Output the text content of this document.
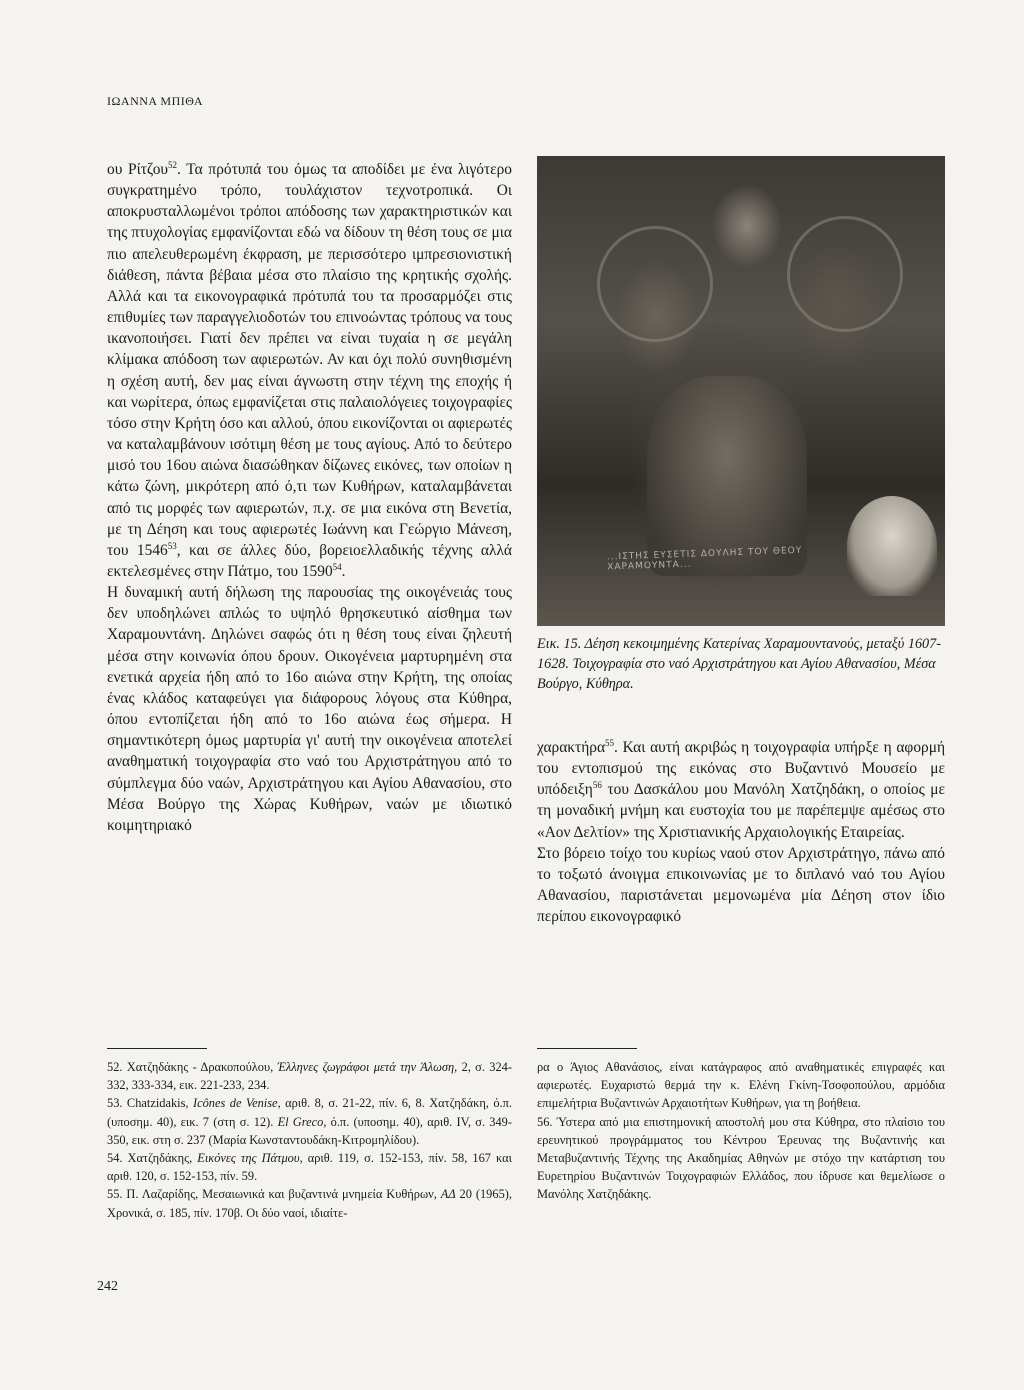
ΙΩΑΝΝΑ ΜΠΙΘΑ

ου Ρίτζου$^{52}$. Τα πρότυπά του όμως τα αποδίδει με ένα λιγότερο συγκρατημένο τρόπο, τουλάχιστον τεχνοτροπικά. Οι αποκρυσταλλωμένοι τρόποι απόδοσης των χαρακτηριστικών και της πτυχολογίας εμφανίζονται εδώ να δίδουν τη θέση τους σε μια πιο απελευθερωμένη έκφραση, με περισσότερο ιμπρεσιονιστική διάθεση, πάντα βέβαια μέσα στο πλαίσιο της κρητικής σχολής. Αλλά και τα εικονογραφικά πρότυπά του τα προσαρμόζει στις επιθυμίες των παραγγελιοδοτών του επινοώντας τρόπους να τους ικανοποιήσει. Γιατί δεν πρέπει να είναι τυχαία η σε μεγάλη κλίμακα απόδοση των αφιερωτών. Αν και όχι πολύ συνηθισμένη η σχέση αυτή, δεν μας είναι άγνωστη στην τέχνη της εποχής ή και νωρίτερα, όπως εμφανίζεται στις παλαιολόγειες τοιχογραφίες τόσο στην Κρήτη όσο και αλλού, όπου εικονίζονται οι αφιερωτές να καταλαμβάνουν ισότιμη θέση με τους αγίους. Από το δεύτερο μισό του 16ου αιώνα διασώθηκαν δίζωνες εικόνες, των οποίων η κάτω ζώνη, μικρότερη από ό,τι των Κυθήρων, καταλαμβάνεται από τις μορφές των αφιερωτών, π.χ. σε μια εικόνα στη Βενετία, με τη Δέηση και τους αφιερωτές Ιωάννη και Γεώργιο Μάνεση, του 1546$^{53}$, και σε άλλες δύο, βορειοελλαδικής τέχνης αλλά εκτελεσμένες στην Πάτμο, του 1590$^{54}$.

Η δυναμική αυτή δήλωση της παρουσίας της οικογένειάς τους δεν υποδηλώνει απλώς το υψηλό θρησκευτικό αίσθημα των Χαραμουντάνη. Δηλώνει σαφώς ότι η θέση τους είναι ζηλευτή μέσα στην κοινωνία όπου δρουν. Οικογένεια μαρτυρημένη στα ενετικά αρχεία ήδη από το 16ο αιώνα στην Κρήτη, της οποίας ένας κλάδος καταφεύγει για διάφορους λόγους στα Κύθηρα, όπου εντοπίζεται ήδη από το 16ο αιώνα έως σήμερα. Η σημαντικότερη όμως μαρτυρία γι' αυτή την οικογένεια αποτελεί αναθηματική τοιχογραφία στο ναό του Αρχιστράτηγου από το σύμπλεγμα δύο ναών, Αρχιστράτηγου και Αγίου Αθανασίου, στο Μέσα Βούργο της Χώρας Κυθήρων, ναών με ιδιωτικό κοιμητηριακό

...ΙΣΤΗΣ ΕΥΣΕΤΙΣ ΔΟΥΛΗΣ ΤΟΥ ΘΕΟΥ ΧΑΡΑΜΟΥΝΤΑ...
Εικ. 15. Δέηση κεκοιμημένης Κατερίνας Χαραμουντανούς, μεταξύ 1607-1628. Τοιχογραφία στο ναό Αρχιστράτηγου και Αγίου Αθανασίου, Μέσα Βούργο, Κύθηρα.

χαρακτήρα$^{55}$. Και αυτή ακριβώς η τοιχογραφία υπήρξε η αφορμή του εντοπισμού της εικόνας στο Βυζαντινό Μουσείο με υπόδειξη$^{56}$ του Δασκάλου μου Μανόλη Χατζηδάκη, ο οποίος με τη μοναδική μνήμη και ευστοχία του με παρέπεμψε αμέσως στο «Αον Δελτίον» της Χριστιανικής Αρχαιολογικής Εταιρείας.

Στο βόρειο τοίχο του κυρίως ναού στον Αρχιστράτηγο, πάνω από το τοξωτό άνοιγμα επικοινωνίας με το διπλανό ναό του Αγίου Αθανασίου, παριστάνεται μεμονωμένα μία Δέηση στον ίδιο περίπου εικονογραφικό

52. Χατζηδάκης - Δρακοπούλου, Έλληνες ζωγράφοι μετά την Άλωση, 2, σ. 324-332, 333-334, εικ. 221-233, 234.

53. Chatzidakis, Icônes de Venise, αριθ. 8, σ. 21-22, πίν. 6, 8. Χατζηδάκη, ό.π. (υποσημ. 40), εικ. 7 (στη σ. 12). El Greco, ό.π. (υποσημ. 40), αριθ. IV, σ. 349-350, εικ. στη σ. 237 (Μαρία Κωνσταντουδάκη-Κιτρομηλίδου).

54. Χατζηδάκης, Εικόνες της Πάτμου, αριθ. 119, σ. 152-153, πίν. 58, 167 και αριθ. 120, σ. 152-153, πίν. 59.

55. Π. Λαζαρίδης, Μεσαιωνικά και βυζαντινά μνημεία Κυθήρων, ΑΔ 20 (1965), Χρονικά, σ. 185, πίν. 170β. Οι δύο ναοί, ιδιαίτε-

ρα ο Άγιος Αθανάσιος, είναι κατάγραφος από αναθηματικές επιγραφές και αφιερωτές. Ευχαριστώ θερμά την κ. Ελένη Γκίνη-Τσοφοπούλου, αρμόδια επιμελήτρια Βυζαντινών Αρχαιοτήτων Κυθήρων, για τη βοήθεια.

56. Ύστερα από μια επιστημονική αποστολή μου στα Κύθηρα, στο πλαίσιο του ερευνητικού προγράμματος του Κέντρου Έρευνας της Βυζαντινής και Μεταβυζαντινής Τέχνης της Ακαδημίας Αθηνών με στόχο την κατάρτιση του Ευρετηρίου Βυζαντινών Τοιχογραφιών Ελλάδος, που ίδρυσε και θεμελίωσε ο Μανόλης Χατζηδάκης.

242
